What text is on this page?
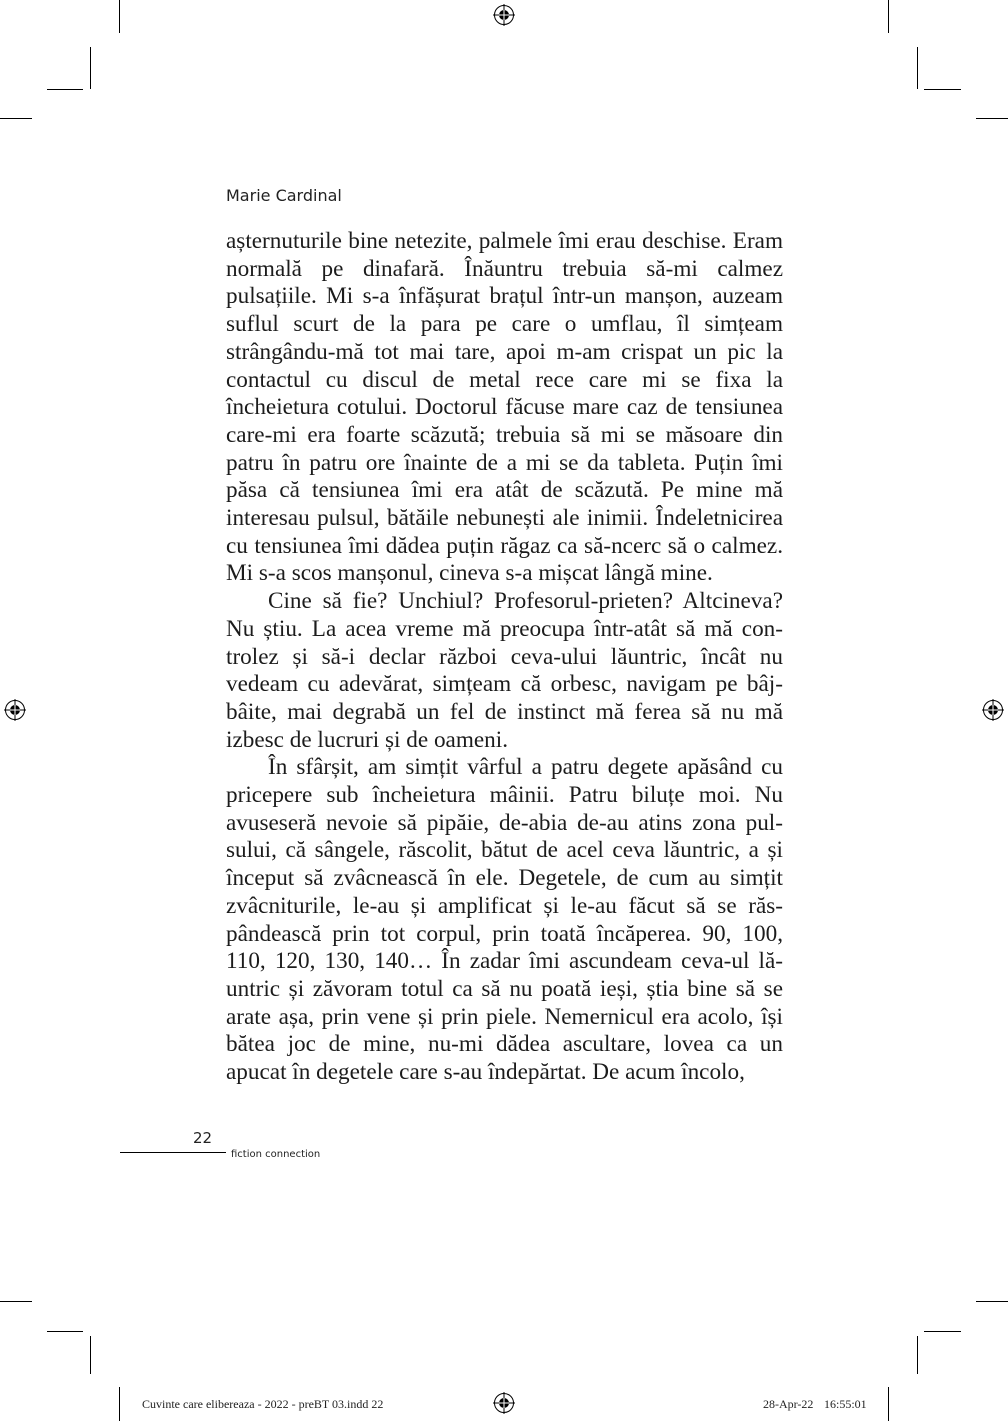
Marie Cardinal

așternuturile bine netezite, palmele îmi erau deschise. Eram normală pe dinafară. Înăuntru trebuia să-mi calmez pulsațiile. Mi s-a înfășurat brațul într-un manșon, auzeam suflul scurt de la para pe care o umflau, îl simțeam strângându-mă tot mai tare, apoi m-am crispat un pic la contactul cu discul de metal rece care mi se fixa la încheietura cotului. Doctorul făcuse mare caz de tensiunea care-mi era foarte scăzută; trebuia să mi se măsoare din patru în patru ore înainte de a mi se da tableta. Puțin îmi păsa că tensiunea îmi era atât de scăzută. Pe mine mă interesau pulsul, bătăile nebunești ale inimii. Îndeletnicirea cu tensiunea îmi dădea puțin răgaz ca să-ncerc să o calmez. Mi s-a scos manșonul, cineva s-a mișcat lângă mine.

Cine să fie? Unchiul? Profesorul-prieten? Altcineva? Nu știu. La acea vreme mă preocupa într-atât să mă controlez și să-i declar război ceva-ului lăuntric, încât nu vedeam cu adevărat, simțeam că orbesc, navigam pe bâjbâite, mai degrabă un fel de instinct mă ferea să nu mă izbesc de lucruri și de oameni.

În sfârșit, am simțit vârful a patru degete apăsând cu pricepere sub încheietura mâinii. Patru biluțe moi. Nu avuseseră nevoie să pipăie, de-abia de-au atins zona pulsului, că sângele, răscolit, bătut de acel ceva lăuntric, a și început să zvâcnească în ele. Degetele, de cum au simțit zvâcniturile, le-au și amplificat și le-au făcut să se răspândească prin tot corpul, prin toată încăperea. 90, 100, 110, 120, 130, 140… În zadar îmi ascundeam ceva-ul lăuntric și zăvoram totul ca să nu poată ieși, știa bine să se arate așa, prin vene și prin piele. Nemernicul era acolo, își bătea joc de mine, nu-mi dădea ascultare, lovea ca un apucat în degetele care s-au îndepărtat. De acum încolo,

22
fiction connection
Cuvinte care elibereaza - 2022 - preBT 03.indd 22	28-Apr-22 16:55:01
